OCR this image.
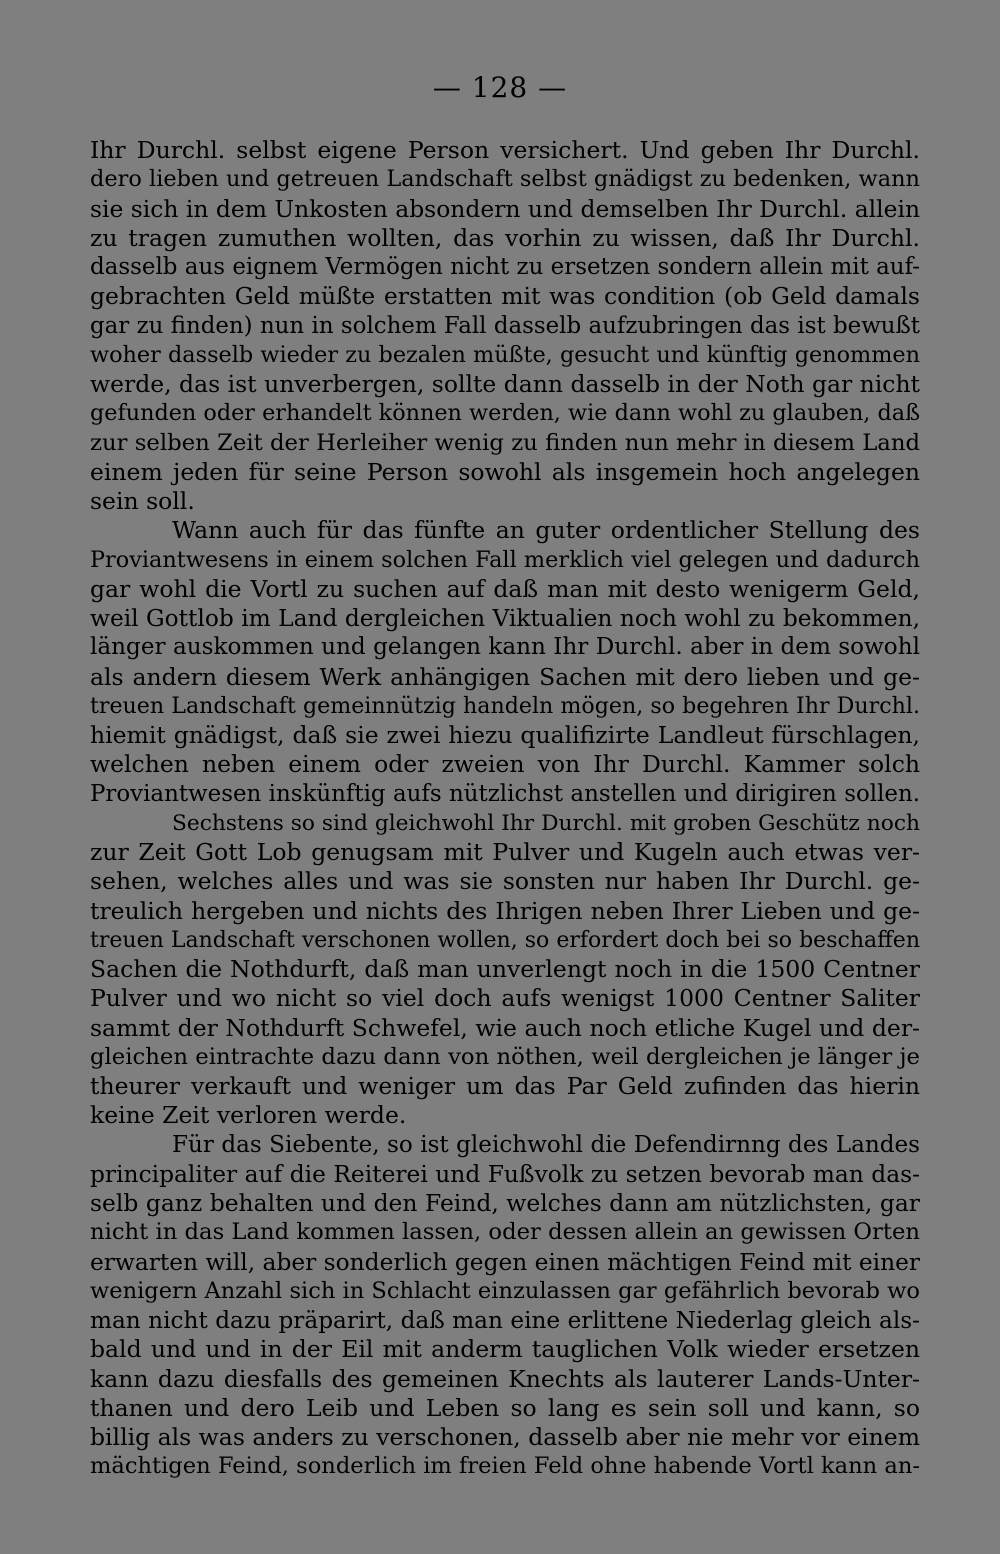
— 128 —
Ihr Durchl. selbst eigene Person versichert. Und geben Ihr Durchl.
dero lieben und getreuen Landschaft selbst gnädigst zu bedenken, wann
sie sich in dem Unkosten absondern und demselben Ihr Durchl. allein
zu tragen zumuthen wollten, das vorhin zu wissen, daß Ihr Durchl.
dasselb aus eignem Vermögen nicht zu ersetzen sondern allein mit auf-
gebrachten Geld müßte erstatten mit was condition (ob Geld damals
gar zu finden) nun in solchem Fall dasselb aufzubringen das ist bewußt
woher dasselb wieder zu bezalen müßte, gesucht und künftig genommen
werde, das ist unverbergen, sollte dann dasselb in der Noth gar nicht
gefunden oder erhandelt können werden, wie dann wohl zu glauben, daß
zur selben Zeit der Herleiher wenig zu finden nun mehr in diesem Land
einem jeden für seine Person sowohl als insgemein hoch angelegen
sein soll.
Wann auch für das fünfte an guter ordentlicher Stellung des
Proviantwesens in einem solchen Fall merklich viel gelegen und dadurch
gar wohl die Vortl zu suchen auf daß man mit desto wenigerm Geld,
weil Gottlob im Land dergleichen Viktualien noch wohl zu bekommen,
länger auskommen und gelangen kann Ihr Durchl. aber in dem sowohl
als andern diesem Werk anhängigen Sachen mit dero lieben und ge-
treuen Landschaft gemeinnützig handeln mögen, so begehren Ihr Durchl.
hiemit gnädigst, daß sie zwei hiezu qualifizirte Landleut fürschlagen,
welchen neben einem oder zweien von Ihr Durchl. Kammer solch
Proviantwesen inskünftig aufs nützlichst anstellen und dirigiren sollen.
Sechstens so sind gleichwohl Ihr Durchl. mit groben Geschütz noch
zur Zeit Gott Lob genugsam mit Pulver und Kugeln auch etwas ver-
sehen, welches alles und was sie sonsten nur haben Ihr Durchl. ge-
treulich hergeben und nichts des Ihrigen neben Ihrer Lieben und ge-
treuen Landschaft verschonen wollen, so erfordert doch bei so beschaffen
Sachen die Nothdurft, daß man unverlengt noch in die 1500 Centner
Pulver und wo nicht so viel doch aufs wenigst 1000 Centner Saliter
sammt der Nothdurft Schwefel, wie auch noch etliche Kugel und der-
gleichen eintrachte dazu dann von nöthen, weil dergleichen je länger je
theurer verkauft und weniger um das Par Geld zufinden das hierin
keine Zeit verloren werde.
Für das Siebente, so ist gleichwohl die Defendirnng des Landes
principaliter auf die Reiterei und Fußvolk zu setzen bevorab man das-
selb ganz behalten und den Feind, welches dann am nützlichsten, gar
nicht in das Land kommen lassen, oder dessen allein an gewissen Orten
erwarten will, aber sonderlich gegen einen mächtigen Feind mit einer
wenigern Anzahl sich in Schlacht einzulassen gar gefährlich bevorab wo
man nicht dazu präparirt, daß man eine erlittene Niederlag gleich als-
bald und und in der Eil mit anderm tauglichen Volk wieder ersetzen
kann dazu diesfalls des gemeinen Knechts als lauterer Lands-Unter-
thanen und dero Leib und Leben so lang es sein soll und kann, so
billig als was anders zu verschonen, dasselb aber nie mehr vor einem
mächtigen Feind, sonderlich im freien Feld ohne habende Vortl kann an-
